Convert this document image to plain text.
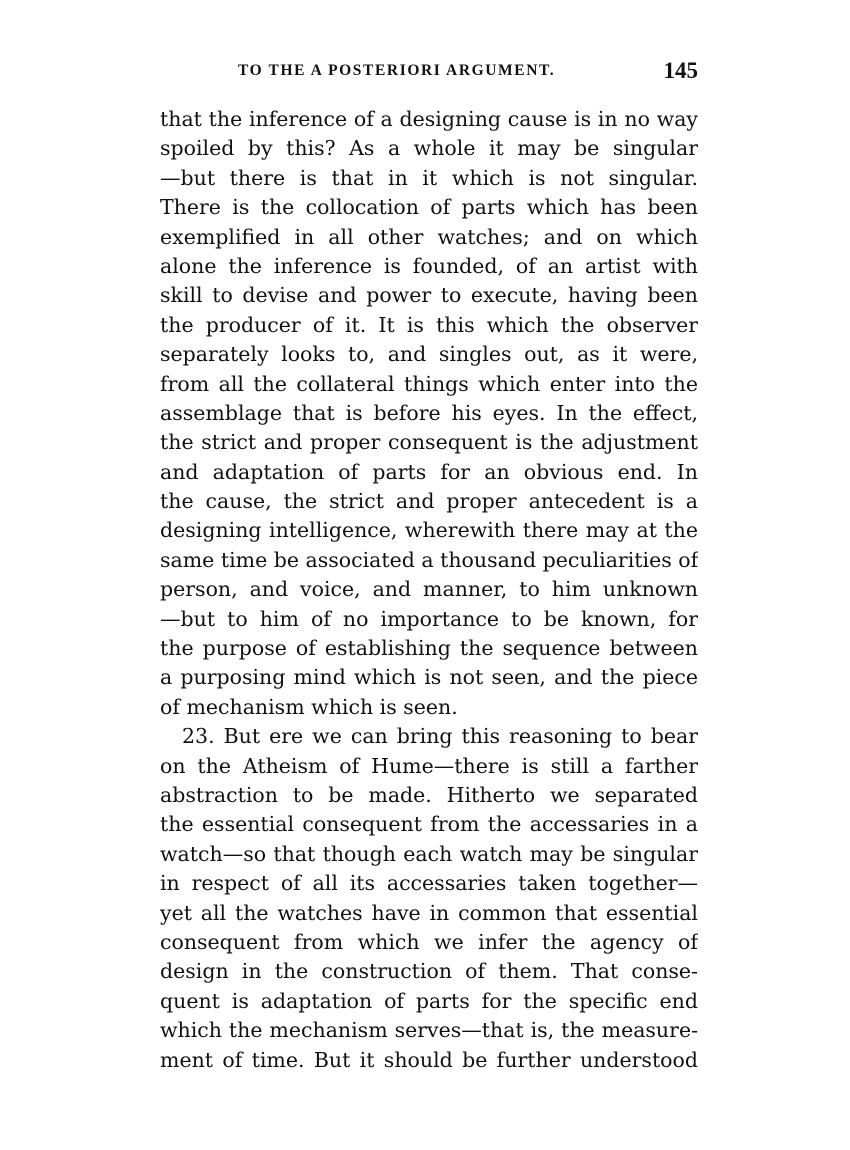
TO THE A POSTERIORI ARGUMENT.	145
that the inference of a designing cause is in no way
spoiled by this? As a whole it may be singular
—but there is that in it which is not singular.
There is the collocation of parts which has been
exemplified in all other watches; and on which
alone the inference is founded, of an artist with
skill to devise and power to execute, having been
the producer of it. It is this which the observer
separately looks to, and singles out, as it were,
from all the collateral things which enter into the
assemblage that is before his eyes. In the effect,
the strict and proper consequent is the adjustment
and adaptation of parts for an obvious end. In
the cause, the strict and proper antecedent is a
designing intelligence, wherewith there may at the
same time be associated a thousand peculiarities of
person, and voice, and manner, to him unknown
—but to him of no importance to be known, for
the purpose of establishing the sequence between
a purposing mind which is not seen, and the piece
of mechanism which is seen.
23. But ere we can bring this reasoning to bear
on the Atheism of Hume—there is still a farther
abstraction to be made. Hitherto we separated
the essential consequent from the accessaries in a
watch—so that though each watch may be singular
in respect of all its accessaries taken together—
yet all the watches have in common that essential
consequent from which we infer the agency of
design in the construction of them. That conse-
quent is adaptation of parts for the specific end
which the mechanism serves—that is, the measure-
ment of time. But it should be further understood
